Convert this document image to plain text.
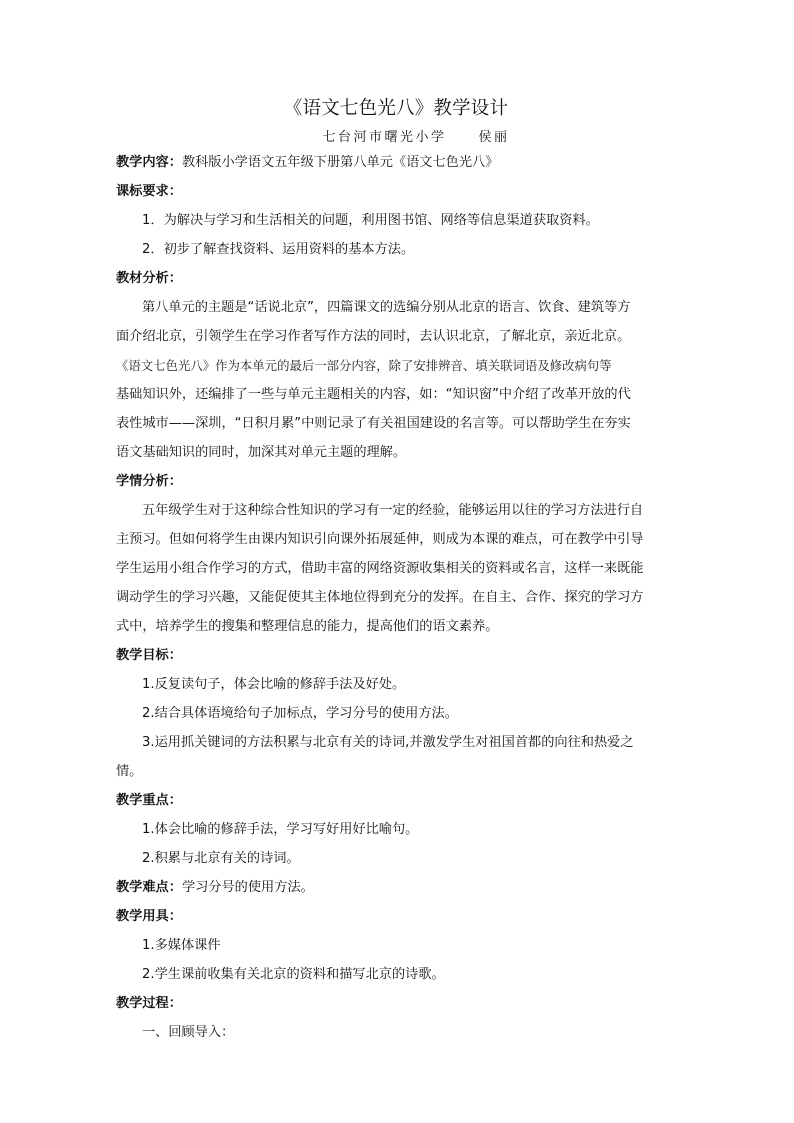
《语文七色光八》教学设计
七台河市曙光小学 侯丽
教学内容：教科版小学语文五年级下册第八单元《语文七色光八》
课标要求：
1．为解决与学习和生活相关的问题，利用图书馆、网络等信息渠道获取资料。
2．初步了解查找资料、运用资料的基本方法。
教材分析：
第八单元的主题是“话说北京”，四篇课文的选编分别从北京的语言、饮食、建筑等方
面介绍北京，引领学生在学习作者写作方法的同时，去认识北京，了解北京，亲近北京。
《语文七色光八》作为本单元的最后一部分内容，除了安排辨音、填关联词语及修改病句等
基础知识外，还编排了一些与单元主题相关的内容，如：“知识窗”中介绍了改革开放的代
表性城市——深圳，“日积月累”中则记录了有关祖国建设的名言等。可以帮助学生在夯实
语文基础知识的同时，加深其对单元主题的理解。
学情分析：
五年级学生对于这种综合性知识的学习有一定的经验，能够运用以往的学习方法进行自
主预习。但如何将学生由课内知识引向课外拓展延伸，则成为本课的难点，可在教学中引导
学生运用小组合作学习的方式，借助丰富的网络资源收集相关的资料或名言，这样一来既能
调动学生的学习兴趣，又能促使其主体地位得到充分的发挥。在自主、合作、探究的学习方
式中，培养学生的搜集和整理信息的能力，提高他们的语文素养。
教学目标：
1.反复读句子，体会比喻的修辞手法及好处。
2.结合具体语境给句子加标点，学习分号的使用方法。
3.运用抓关键词的方法积累与北京有关的诗词,并激发学生对祖国首都的向往和热爱之
情。
教学重点：
1.体会比喻的修辞手法，学习写好用好比喻句。
2.积累与北京有关的诗词。
教学难点：学习分号的使用方法。
教学用具：
1.多媒体课件
2.学生课前收集有关北京的资料和描写北京的诗歌。
教学过程：
一、回顾导入：
